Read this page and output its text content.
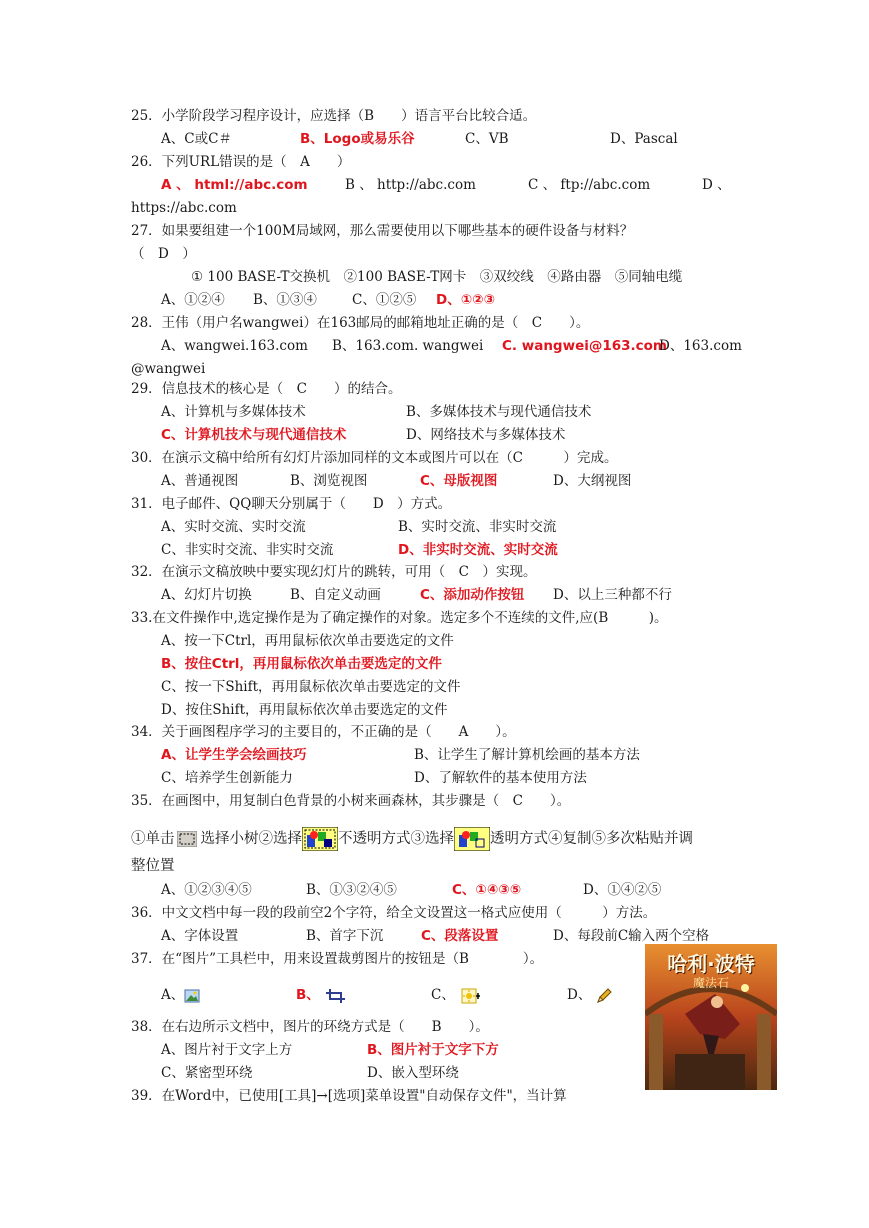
25．小学阶段学习程序设计，应选择（B　　）语言平台比较合适。
A、C或C＃	B、Logo或易乐谷	C、VB	D、Pascal
26．下列URL错误的是（　A　　）
A 、 html://abc.com	B 、 http://abc.com	C 、 ftp://abc.com	D 、
https://abc.com
27．如果要组建一个100M局域网，那么需要使用以下哪些基本的硬件设备与材料？
（　D　）
① 100 BASE-T交换机　②100 BASE-T网卡　③双绞线　④路由器　⑤同轴电缆
A、①②④ B、①③④	C、①②⑤ D、①②③
28．王伟（用户名wangwei）在163邮局的邮箱地址正确的是（　C　　）。
A、wangwei.163.com B、163.com. wangwei C. wangwei@163.com
D、163.com
@wangwei
29．信息技术的核心是（　C　　）的结合。
A、计算机与多媒体技术	B、多媒体技术与现代通信技术
C、计算机技术与现代通信技术	D、网络技术与多媒体技术
30．在演示文稿中给所有幻灯片添加同样的文本或图片可以在（C　　　）完成。
A、普通视图	B、浏览视图	C、母版视图	D、大纲视图
31．电子邮件、QQ聊天分别属于（　　D　）方式。
A、实时交流、实时交流	B、实时交流、非实时交流
C、非实时交流、非实时交流	D、非实时交流、实时交流
32．在演示文稿放映中要实现幻灯片的跳转，可用（　C　）实现。
A、幻灯片切换	B、自定义动画	C、添加动作按钮 D、以上三种都不行
33.在文件操作中,选定操作是为了确定操作的对象。选定多个不连续的文件,应(B　　　)。
A、按一下Ctrl，再用鼠标依次单击要选定的文件
B、按住Ctrl，再用鼠标依次单击要选定的文件
C、按一下Shift，再用鼠标依次单击要选定的文件
D、按住Shift，再用鼠标依次单击要选定的文件
34．关于画图程序学习的主要目的，不正确的是（　　A　　）。
A、让学生学会绘画技巧	B、让学生了解计算机绘画的基本方法
C、培养学生创新能力	D、了解软件的基本使用方法
35．在画图中，用复制白色背景的小树来画森林，其步骤是（　C　　）。
①单击 选择小树②选择 不透明方式③选择 透明方式④复制⑤多次粘贴并调
整位置
A、①②③④⑤	B、①③②④⑤	C、①④③⑤	D、①④②⑤
36．中文文档中每一段的段前空2个字符，给全文设置这一格式应使用（　　　）方法。
A、字体设置	B、首字下沉	C、段落设置	D、每段前C输入两个空格
37．在“图片”工具栏中，用来设置裁剪图片的按钮是（B　　　　）。
A、	B、	C、	D、
38．在右边所示文档中，图片的环绕方式是（　　B　　）。
A、图片衬于文字上方	B、图片衬于文字下方
C、紧密型环绕	D、嵌入型环绕
39．在Word中，已使用[工具]→[选项]菜单设置"自动保存文件"，当计算
哈利·波特
魔法石
